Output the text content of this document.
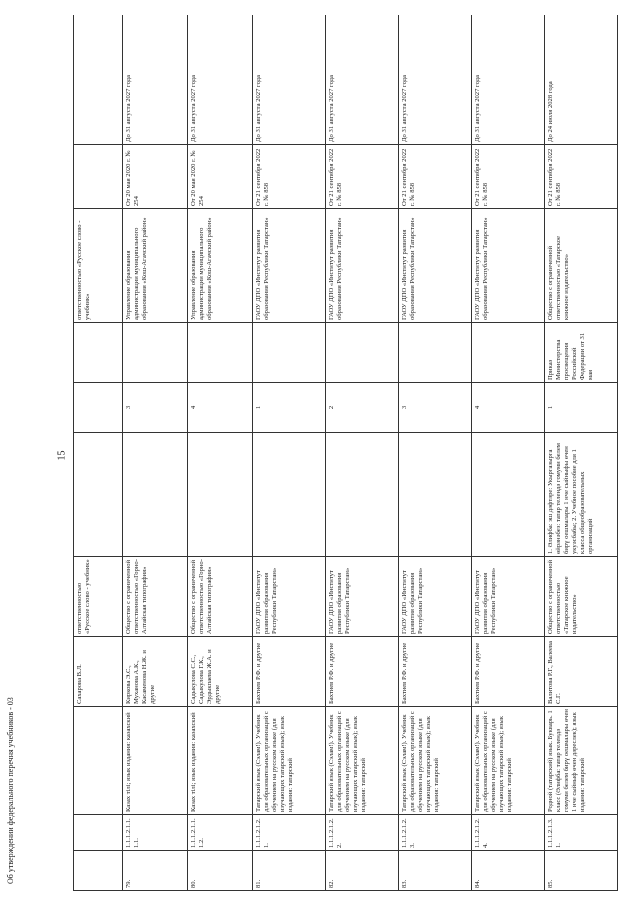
15
			Сахарова В.Л.	ответственностью «Русское слово - учебник»				ответственностью «Русское слово - учебник»		
79.	1.1.1.2.1.1.1.1.	Казах тілі; язык издания: казахский	Киркова Э.С., Муханова А.К., Касаменова Н.Ж. и другие	Общество с ограниченной ответственностью «Горно-Алтайская типография»		3		Управление образования администрации муниципального образования «Кош-Агачский район»	От 20 мая 2020 г. № 254	До 31 августа 2027 года
80.	1.1.1.2.1.1.1.2.	Казах тілі; язык издания: казахский	Садыкулова С.С., Садыкулова Г.К., Эрдыкпаева Ж.А. и другие	Общество с ограниченной ответственностью «Горно-Алтайская типография»		4		Управление образования администрации муниципального образования «Кош-Агачский район»	От 20 мая 2020 г. № 254	До 31 августа 2027 года
81.	1.1.1.2.1.2.1.	Татарский язык (Сэлам!). Учебник для образовательных организаций с обучением на русском языке (для изучающих татарский язык); язык издания: татарский	Бахтиев Р.Ф. и другие	ГАОУ ДПО «Институт развития образования Республики Татарстан»		1		ГАОУ ДПО «Институт развития образования Республики Татарстан»	От 21 сентября 2022 г. № 858	До 31 августа 2027 года
82.	1.1.1.2.1.2.2.	Татарский язык (Сэлам!). Учебник для образовательных организаций с обучением на русском языке (для изучающих татарский язык); язык издания: татарский	Бахтиев Р.Ф. и другие	ГАОУ ДПО «Институт развития образования Республики Татарстан»		2		ГАОУ ДПО «Институт развития образования Республики Татарстан»	От 21 сентября 2022 г. № 858	До 31 августа 2027 года
83.	1.1.1.2.1.2.3.	Татарский язык (Сэлам!). Учебник для образовательных организаций с обучением на русском языке (для изучающих татарский язык); язык издания: татарский	Бахтиев Р.Ф. и другие	ГАОУ ДПО «Институт развития образования Республики Татарстан»		3		ГАОУ ДПО «Институт развития образования Республики Татарстан»	От 21 сентября 2022 г. № 858	До 31 августа 2027 года
84.	1.1.1.2.1.2.4.	Татарский язык (Сэлам!). Учебник для образовательных организаций с обучением на русском языке (для изучающих татарский язык); язык издания: татарский	Бахтиев Р.Ф. и другие	ГАОУ ДПО «Институт развития образования Республики Татарстан»		4		ГАОУ ДПО «Институт развития образования Республики Татарстан»	От 21 сентября 2022 г. № 858	До 31 августа 2027 года
85.	1.1.1.2.1.3.1.	Родной (татарский) язык. Букварь. 1 класс (Әлифба: татар телендә гомуми белем бирү оешмалары өчен 1 нче сыйныф өчен дәреслек); язык издания: татарский	Валитова Р.Г., Валеева С.Г.	Общество с ограниченной ответственностью «Татарское книжное издательство»	1. Әлифба: эш дәфтәре: Укыргазырга өйрәнәбез: татар телендә гомуми белем бирү оешмалары 1 нче сыйныфы өчен укуәсбабы; 2. Учебное пособие для 1 класса общеобразовательных организаций	1	Приказ Министерства просвещения Российской Федерации от 31 мая	Общество с ограниченной ответственностью «Татарское книжное издательство»	От 21 сентября 2022 г. № 858	До 24 июля 2028 года
Об утверждении федерального перечня учебников - 03
